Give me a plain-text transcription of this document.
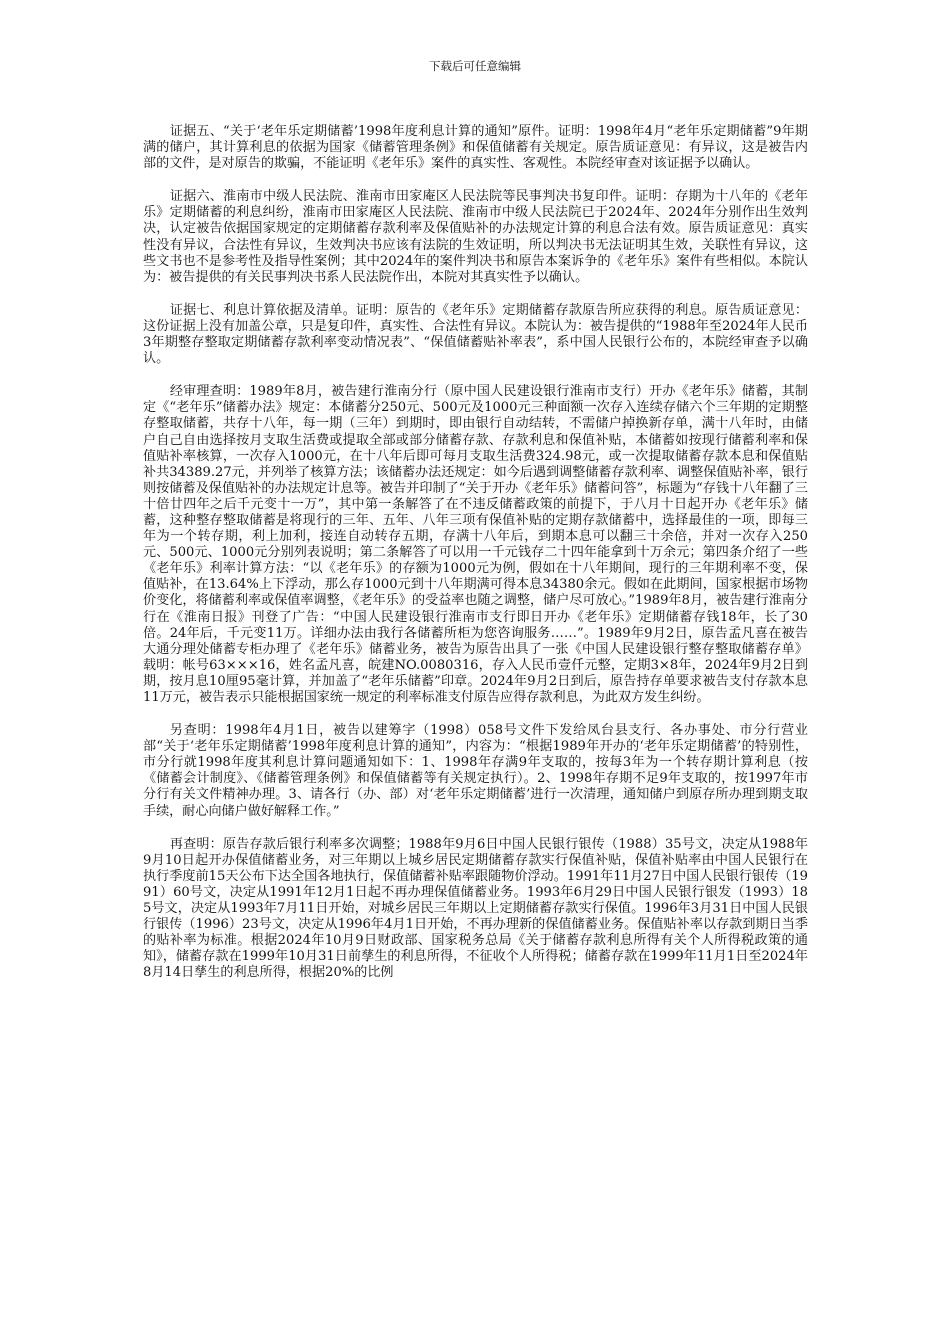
下载后可任意编辑

证据五、“关于‘老年乐定期储蓄’1998年度利息计算的通知”原件。证明：1998年4月“老年乐定期储蓄”9年期满的储户，其计算利息的依据为国家《储蓄管理条例》和保值储蓄有关规定。原告质证意见：有异议，这是被告内部的文件，是对原告的欺骗，不能证明《老年乐》案件的真实性、客观性。本院经审查对该证据予以确认。

证据六、淮南市中级人民法院、淮南市田家庵区人民法院等民事判决书复印件。证明：存期为十八年的《老年乐》定期储蓄的利息纠纷，淮南市田家庵区人民法院、淮南市中级人民法院已于2024年、2024年分别作出生效判决，认定被告依据国家规定的定期储蓄存款利率及保值贴补的办法规定计算的利息合法有效。原告质证意见：真实性没有异议，合法性有异议，生效判决书应该有法院的生效证明，所以判决书无法证明其生效，关联性有异议，这些文书也不是参考性及指导性案例；其中2024年的案件判决书和原告本案诉争的《老年乐》案件有些相似。本院认为：被告提供的有关民事判决书系人民法院作出，本院对其真实性予以确认。

证据七、利息计算依据及清单。证明：原告的《老年乐》定期储蓄存款原告所应获得的利息。原告质证意见：这份证据上没有加盖公章，只是复印件，真实性、合法性有异议。本院认为：被告提供的“1988年至2024年人民币3年期整存整取定期储蓄存款利率变动情况表”、“保值储蓄贴补率表”，系中国人民银行公布的，本院经审查予以确认。

经审理查明：1989年8月，被告建行淮南分行（原中国人民建设银行淮南市支行）开办《老年乐》储蓄，其制定《“老年乐”储蓄办法》规定：本储蓄分250元、500元及1000元三种面额一次存入连续存储六个三年期的定期整存整取储蓄，共存十八年，每一期（三年）到期时，即由银行自动结转，不需储户掉换新存单，满十八年时，由储户自己自由选择按月支取生活费或提取全部或部分储蓄存款、存款利息和保值补贴，本储蓄如按现行储蓄利率和保值贴补率核算，一次存入1000元，在十八年后即可每月支取生活费324.98元，或一次提取储蓄存款本息和保值贴补共34389.27元，并列举了核算方法；该储蓄办法还规定：如今后遇到调整储蓄存款利率、调整保值贴补率，银行则按储蓄及保值贴补的办法规定计息等。被告并印制了“关于开办《老年乐》储蓄问答”，标题为“存钱十八年翻了三十倍廿四年之后千元变十一万”，其中第一条解答了在不违反储蓄政策的前提下，于八月十日起开办《老年乐》储蓄，这种整存整取储蓄是将现行的三年、五年、八年三项有保值补贴的定期存款储蓄中，选择最佳的一项，即每三年为一个转存期，利上加利，接连自动转存五期，存满十八年后，到期本息可以翻三十余倍，并对一次存入250元、500元、1000元分别列表说明；第二条解答了可以用一千元钱存二十四年能拿到十万余元；第四条介绍了一些《老年乐》利率计算方法：“以《老年乐》的存额为1000元为例，假如在十八年期间，现行的三年期利率不变，保值贴补，在13.64%上下浮动，那么存1000元到十八年期满可得本息34380余元。假如在此期间，国家根据市场物价变化，将储蓄利率或保值率调整，《老年乐》的受益率也随之调整，储户尽可放心。”1989年8月，被告建行淮南分行在《淮南日报》刊登了广告：“中国人民建设银行淮南市支行即日开办《老年乐》定期储蓄存钱18年，长了30倍。24年后，千元变11万。详细办法由我行各储蓄所柜为您咨询服务……”。1989年9月2日，原告孟凡喜在被告大通分理处储蓄专柜办理了《老年乐》储蓄业务，被告为原告出具了一张《中国人民建设银行整存整取储蓄存单》载明：帐号63×××16，姓名孟凡喜，皖建NO.0080316，存入人民币壹仟元整，定期3×8年，2024年9月2日到期，按月息10厘95毫计算，并加盖了“老年乐储蓄”印章。2024年9月2日到后，原告持存单要求被告支付存款本息11万元，被告表示只能根据国家统一规定的利率标准支付原告应得存款利息，为此双方发生纠纷。

另查明：1998年4月1日，被告以建筹字（1998）058号文件下发给凤台县支行、各办事处、市分行营业部“关于‘老年乐定期储蓄’1998年度利息计算的通知”，内容为：“根据1989年开办的‘老年乐定期储蓄’的特别性，市分行就1998年度其利息计算问题通知如下：1、1998年存满9年支取的，按每3年为一个转存期计算利息（按《储蓄会计制度》、《储蓄管理条例》和保值储蓄等有关规定执行）。2、1998年存期不足9年支取的，按1997年市分行有关文件精神办理。3、请各行（办、部）对‘老年乐定期储蓄’进行一次清理，通知储户到原存所办理到期支取手续，耐心向储户做好解释工作。”

再查明：原告存款后银行利率多次调整；1988年9月6日中国人民银行银传（1988）35号文，决定从1988年9月10日起开办保值储蓄业务，对三年期以上城乡居民定期储蓄存款实行保值补贴，保值补贴率由中国人民银行在执行季度前15天公布下达全国各地执行，保值储蓄补贴率跟随物价浮动。1991年11月27日中国人民银行银传（1991）60号文，决定从1991年12月1日起不再办理保值储蓄业务。1993年6月29日中国人民银行银发（1993）185号文，决定从1993年7月11日开始，对城乡居民三年期以上定期储蓄存款实行保值。1996年3月31日中国人民银行银传（1996）23号文，决定从1996年4月1日开始，不再办理新的保值储蓄业务。保值贴补率以存款到期日当季的贴补率为标准。根据2024年10月9日财政部、国家税务总局《关于储蓄存款利息所得有关个人所得税政策的通知》，储蓄存款在1999年10月31日前孳生的利息所得，不征收个人所得税；储蓄存款在1999年11月1日至2024年8月14日孳生的利息所得，根据20%的比例
